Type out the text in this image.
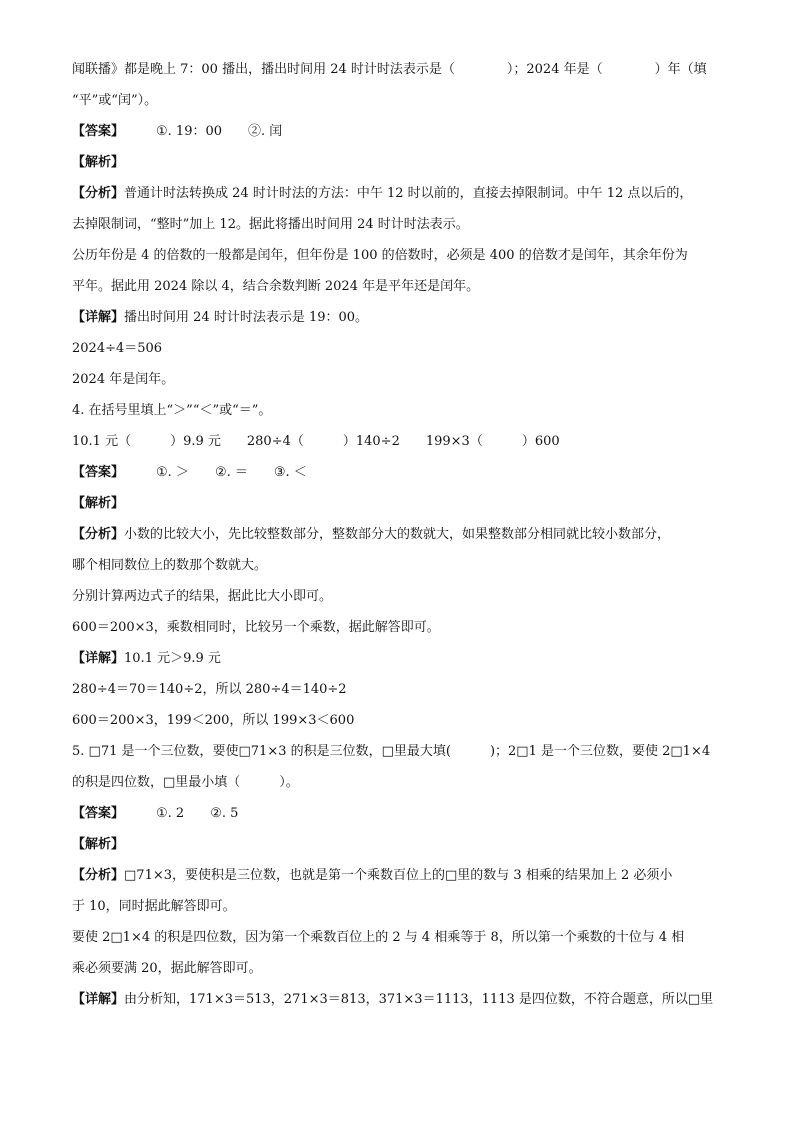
闻联播》都是晚上 7：00 播出，播出时间用 24 时计时法表示是（　　　　）；2024 年是（　　　　）年（填
“平”或“闰”）。
【答案】 ①. 19：00 ②. 闰
【解析】
【分析】普通计时法转换成 24 时计时法的方法：中午 12 时以前的，直接去掉限制词。中午 12 点以后的，
去掉限制词，“整时”加上 12。据此将播出时间用 24 时计时法表示。
公历年份是 4 的倍数的一般都是闰年，但年份是 100 的倍数时，必须是 400 的倍数才是闰年，其余年份为
平年。据此用 2024 除以 4，结合余数判断 2024 年是平年还是闰年。
【详解】播出时间用 24 时计时法表示是 19：00。
2024÷4＝506
2024 年是闰年。
4. 在括号里填上“＞”“＜”或“＝”。
10.1 元（　　　）9.9 元　　280÷4（　　　）140÷2　　199×3（　　　）600
【答案】 ①. ＞ ②. ＝ ③. ＜
【解析】
【分析】小数的比较大小，先比较整数部分，整数部分大的数就大，如果整数部分相同就比较小数部分，
哪个相同数位上的数那个数就大。
分别计算两边式子的结果，据此比大小即可。
600＝200×3，乘数相同时，比较另一个乘数，据此解答即可。
【详解】10.1 元＞9.9 元
280÷4＝70＝140÷2，所以 280÷4＝140÷2
600＝200×3，199＜200，所以 199×3＜600
5. □71 是一个三位数，要使□71×3 的积是三位数，□里最大填(　　　)；2□1 是一个三位数，要使 2□1×4
的积是四位数，□里最小填（　　　）。
【答案】 ①. 2 ②. 5
【解析】
【分析】□71×3，要使积是三位数，也就是第一个乘数百位上的□里的数与 3 相乘的结果加上 2 必须小
于 10，同时据此解答即可。
要使 2□1×4 的积是四位数，因为第一个乘数百位上的 2 与 4 相乘等于 8，所以第一个乘数的十位与 4 相
乘必须要满 20，据此解答即可。
【详解】由分析知，171×3＝513，271×3＝813，371×3＝1113，1113 是四位数，不符合题意，所以□里
